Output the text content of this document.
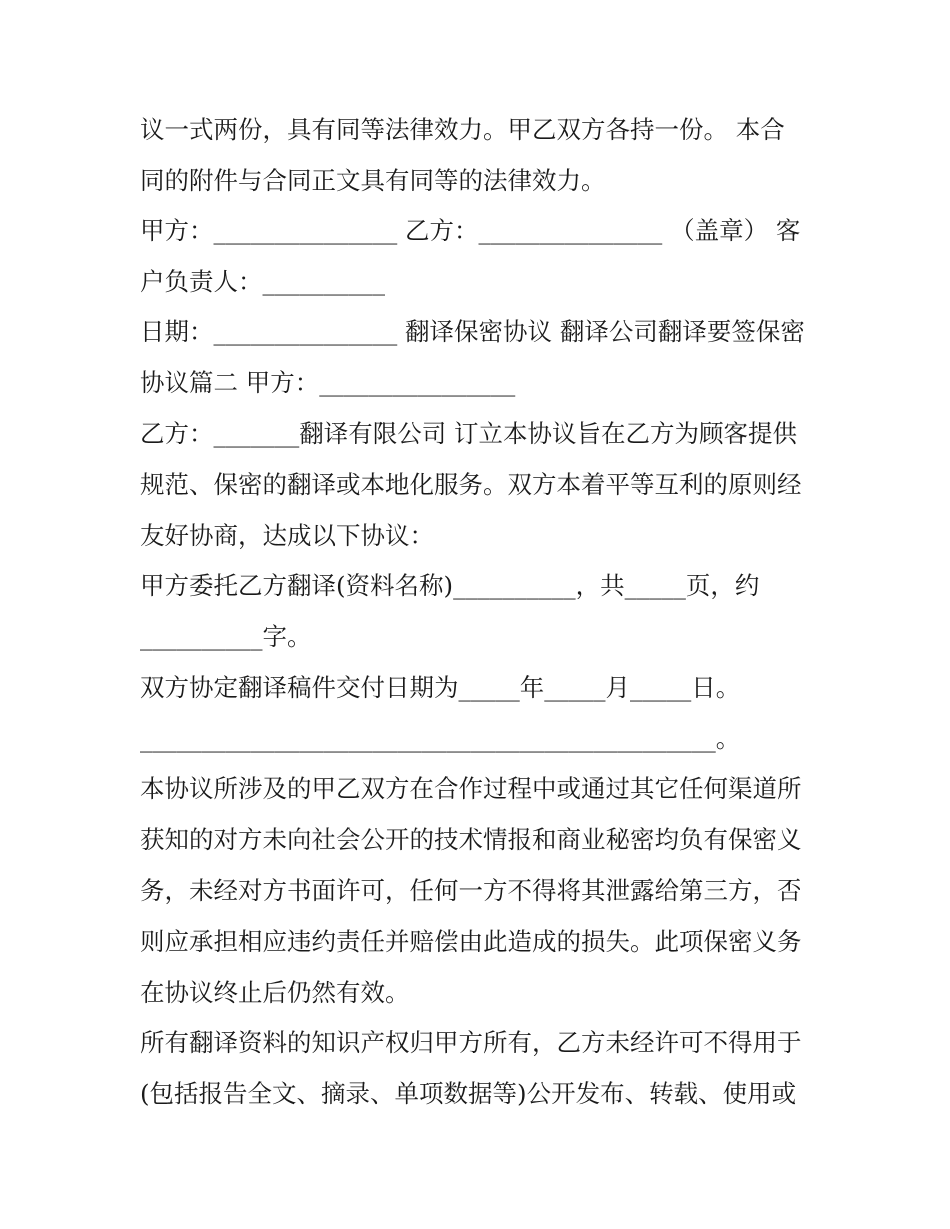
议一式两份，具有同等法律效力。甲乙双方各持一份。 本合

同的附件与合同正文具有同等的法律效力。

甲方：_______________ 乙方：_______________ （盖章） 客

户负责人：__________

日期：_______________ 翻译保密协议 翻译公司翻译要签保密

协议篇二 甲方：________________

乙方：_______翻译有限公司 订立本协议旨在乙方为顾客提供

规范、保密的翻译或本地化服务。双方本着平等互利的原则经

友好协商，达成以下协议：

甲方委托乙方翻译(资料名称)__________，共_____页，约

__________字。

双方协定翻译稿件交付日期为_____年_____月_____日。

_______________________________________________。

本协议所涉及的甲乙双方在合作过程中或通过其它任何渠道所

获知的对方未向社会公开的技术情报和商业秘密均负有保密义

务，未经对方书面许可，任何一方不得将其泄露给第三方，否

则应承担相应违约责任并赔偿由此造成的损失。此项保密义务

在协议终止后仍然有效。

所有翻译资料的知识产权归甲方所有，乙方未经许可不得用于

(包括报告全文、摘录、单项数据等)公开发布、转载、使用或
